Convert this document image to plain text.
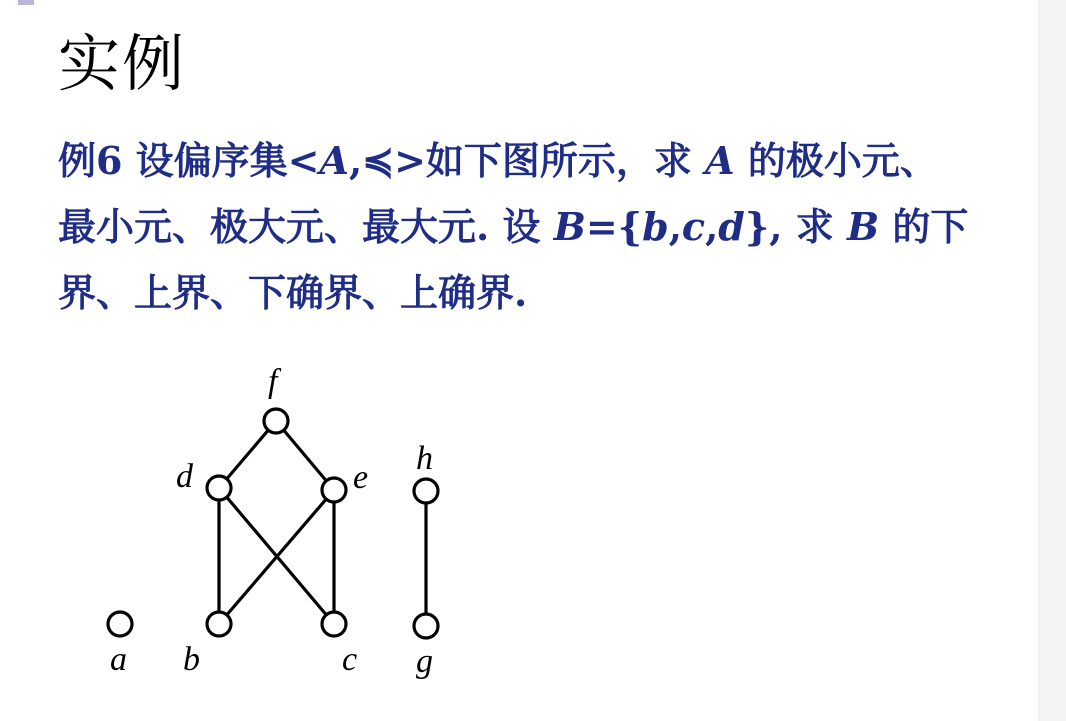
实例
例6 设偏序集<A,≼>如下图所示，求 A 的极小元、
最小元、极大元、最大元. 设 B={b,c,d}, 求 B 的下
界、上界、下确界、上确界.
a b	c
d	e
f
g
h
